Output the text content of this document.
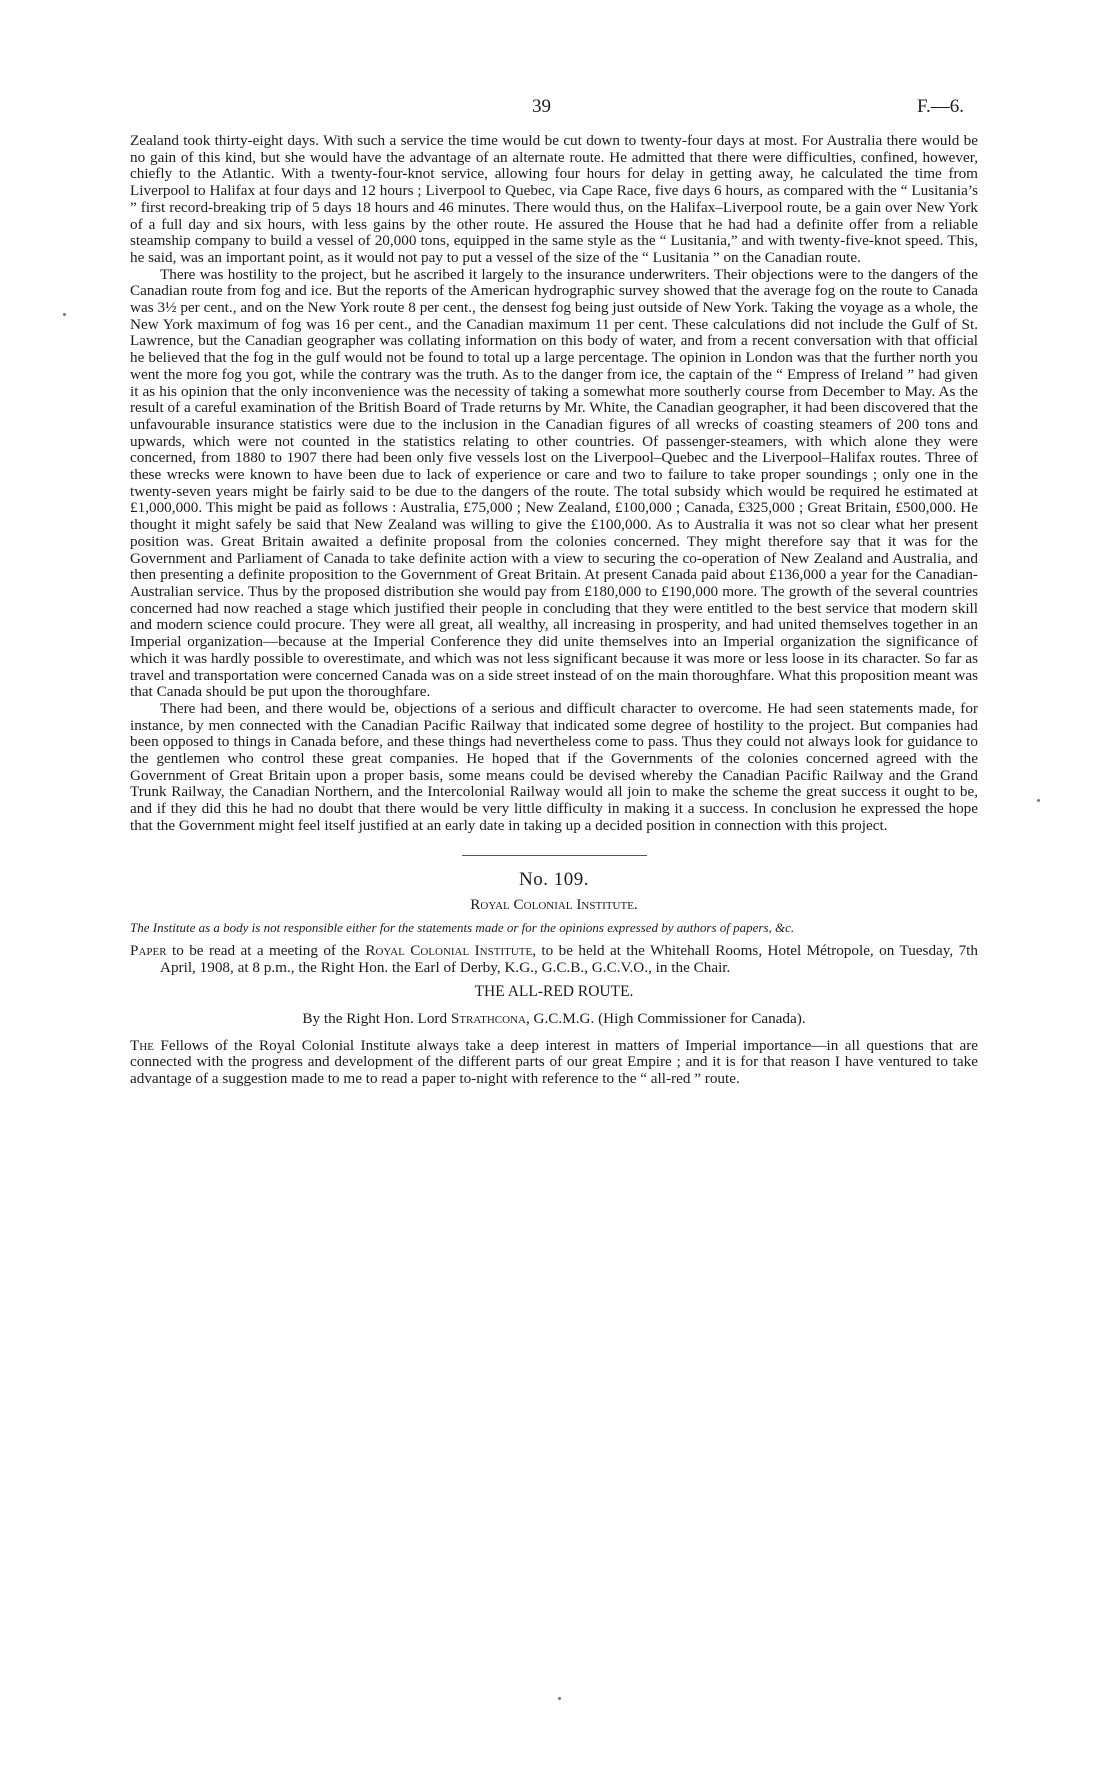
39	F.—6.

Zealand took thirty-eight days. With such a service the time would be cut down to twenty-four days at most. For Australia there would be no gain of this kind, but she would have the advantage of an alternate route. He admitted that there were difficulties, confined, however, chiefly to the Atlantic. With a twenty-four-knot service, allowing four hours for delay in getting away, he calculated the time from Liverpool to Halifax at four days and 12 hours ; Liverpool to Quebec, via Cape Race, five days 6 hours, as compared with the “ Lusitania’s ” first record-breaking trip of 5 days 18 hours and 46 minutes. There would thus, on the Halifax–Liverpool route, be a gain over New York of a full day and six hours, with less gains by the other route. He assured the House that he had had a definite offer from a reliable steamship company to build a vessel of 20,000 tons, equipped in the same style as the “ Lusitania,” and with twenty-five-knot speed. This, he said, was an important point, as it would not pay to put a vessel of the size of the “ Lusitania ” on the Canadian route.

There was hostility to the project, but he ascribed it largely to the insurance underwriters. Their objections were to the dangers of the Canadian route from fog and ice. But the reports of the American hydrographic survey showed that the average fog on the route to Canada was 3½ per cent., and on the New York route 8 per cent., the densest fog being just outside of New York. Taking the voyage as a whole, the New York maximum of fog was 16 per cent., and the Canadian maximum 11 per cent. These calculations did not include the Gulf of St. Lawrence, but the Canadian geographer was collating information on this body of water, and from a recent conversation with that official he believed that the fog in the gulf would not be found to total up a large percentage. The opinion in London was that the further north you went the more fog you got, while the contrary was the truth. As to the danger from ice, the captain of the “ Empress of Ireland ” had given it as his opinion that the only inconvenience was the necessity of taking a somewhat more southerly course from December to May. As the result of a careful examination of the British Board of Trade returns by Mr. White, the Canadian geographer, it had been discovered that the unfavourable insurance statistics were due to the inclusion in the Canadian figures of all wrecks of coasting steamers of 200 tons and upwards, which were not counted in the statistics relating to other countries. Of passenger-steamers, with which alone they were concerned, from 1880 to 1907 there had been only five vessels lost on the Liverpool–Quebec and the Liverpool–Halifax routes. Three of these wrecks were known to have been due to lack of experience or care and two to failure to take proper soundings ; only one in the twenty-seven years might be fairly said to be due to the dangers of the route. The total subsidy which would be required he estimated at £1,000,000. This might be paid as follows : Australia, £75,000 ; New Zealand, £100,000 ; Canada, £325,000 ; Great Britain, £500,000. He thought it might safely be said that New Zealand was willing to give the £100,000. As to Australia it was not so clear what her present position was. Great Britain awaited a definite proposal from the colonies concerned. They might therefore say that it was for the Government and Parliament of Canada to take definite action with a view to securing the co-operation of New Zealand and Australia, and then presenting a definite proposition to the Government of Great Britain. At present Canada paid about £136,000 a year for the Canadian-Australian service. Thus by the proposed distribution she would pay from £180,000 to £190,000 more. The growth of the several countries concerned had now reached a stage which justified their people in concluding that they were entitled to the best service that modern skill and modern science could procure. They were all great, all wealthy, all increasing in prosperity, and had united themselves together in an Imperial organization—because at the Imperial Conference they did unite themselves into an Imperial organization the significance of which it was hardly possible to overestimate, and which was not less significant because it was more or less loose in its character. So far as travel and transportation were concerned Canada was on a side street instead of on the main thoroughfare. What this proposition meant was that Canada should be put upon the thoroughfare.

There had been, and there would be, objections of a serious and difficult character to overcome. He had seen statements made, for instance, by men connected with the Canadian Pacific Railway that indicated some degree of hostility to the project. But companies had been opposed to things in Canada before, and these things had nevertheless come to pass. Thus they could not always look for guidance to the gentlemen who control these great companies. He hoped that if the Governments of the colonies concerned agreed with the Government of Great Britain upon a proper basis, some means could be devised whereby the Canadian Pacific Railway and the Grand Trunk Railway, the Canadian Northern, and the Intercolonial Railway would all join to make the scheme the great success it ought to be, and if they did this he had no doubt that there would be very little difficulty in making it a success. In conclusion he expressed the hope that the Government might feel itself justified at an early date in taking up a decided position in connection with this project.

No. 109.
Royal Colonial Institute.
The Institute as a body is not responsible either for the statements made or for the opinions expressed by authors of papers, &c.

Paper to be read at a meeting of the Royal Colonial Institute, to be held at the Whitehall Rooms, Hotel Métropole, on Tuesday, 7th April, 1908, at 8 p.m., the Right Hon. the Earl of Derby, K.G., G.C.B., G.C.V.O., in the Chair.

THE ALL-RED ROUTE.
By the Right Hon. Lord Strathcona, G.C.M.G. (High Commissioner for Canada).

The Fellows of the Royal Colonial Institute always take a deep interest in matters of Imperial importance—in all questions that are connected with the progress and development of the different parts of our great Empire ; and it is for that reason I have ventured to take advantage of a suggestion made to me to read a paper to-night with reference to the “ all-red ” route.
